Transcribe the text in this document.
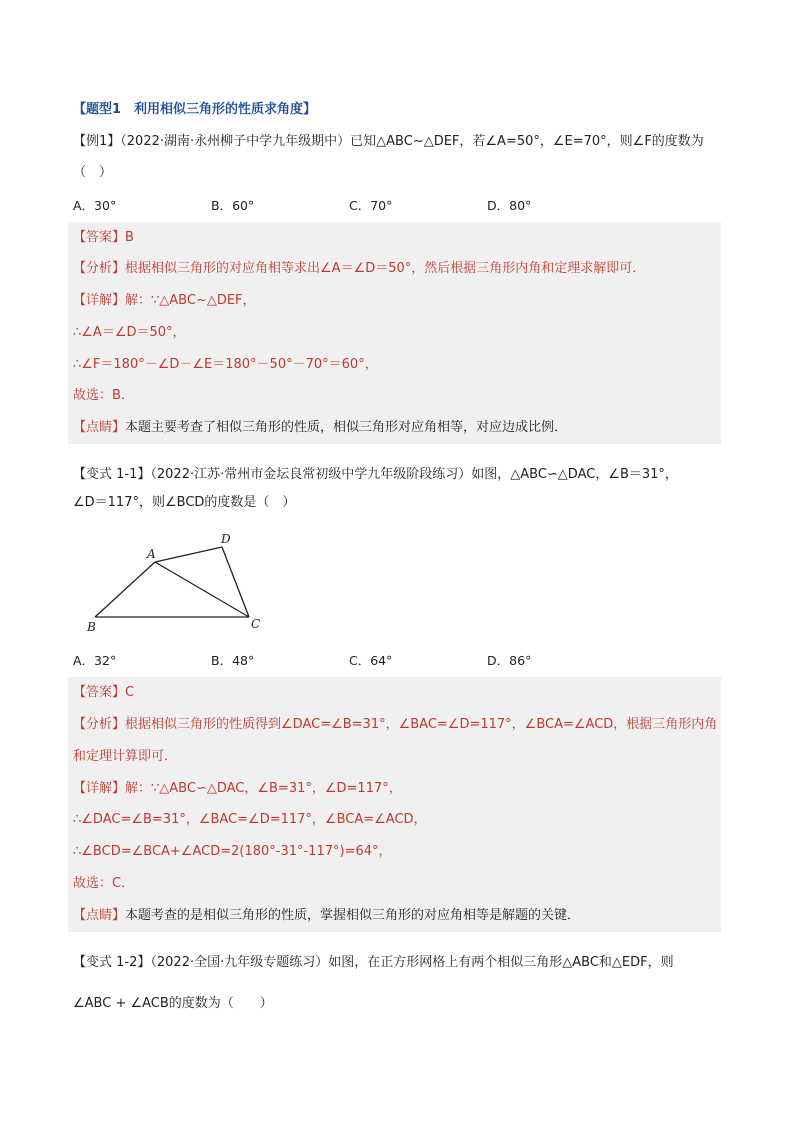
【题型1　利用相似三角形的性质求角度】
【例1】（2022·湖南·永州柳子中学九年级期中）已知△ABC~△DEF，若∠A=50°，∠E=70°，则∠F的度数为
（　）
A．30°	B．60°	C．70°	D．80°
【答案】B
【分析】根据相似三角形的对应角相等求出∠A＝∠D＝50°，然后根据三角形内角和定理求解即可．
【详解】解：∵△ABC~△DEF，
∴∠A＝∠D＝50°，
∴∠F＝180°－∠D－∠E＝180°－50°－70°＝60°，
故选：B．
【点睛】本题主要考查了相似三角形的性质，相似三角形对应角相等，对应边成比例．
【变式 1-1】（2022·江苏·常州市金坛良常初级中学九年级阶段练习）如图，△ABC∽△DAC，∠B＝31°，
∠D＝117°，则∠BCD的度数是（　）
A
B	C
D
A．32°	B．48°	C．64°	D．86°
【答案】C
【分析】根据相似三角形的性质得到∠DAC=∠B=31°，∠BAC=∠D=117°，∠BCA=∠ACD，根据三角形内角
和定理计算即可．
【详解】解：∵△ABC∽△DAC，∠B=31°，∠D=117°，
∴∠DAC=∠B=31°，∠BAC=∠D=117°，∠BCA=∠ACD，
∴∠BCD=∠BCA+∠ACD=2(180°-31°-117°)=64°，
故选：C．
【点睛】本题考查的是相似三角形的性质，掌握相似三角形的对应角相等是解题的关键．
【变式 1-2】（2022·全国·九年级专题练习）如图，在正方形网格上有两个相似三角形△ABC和△EDF，则
∠ABC + ∠ACB的度数为（　　）
